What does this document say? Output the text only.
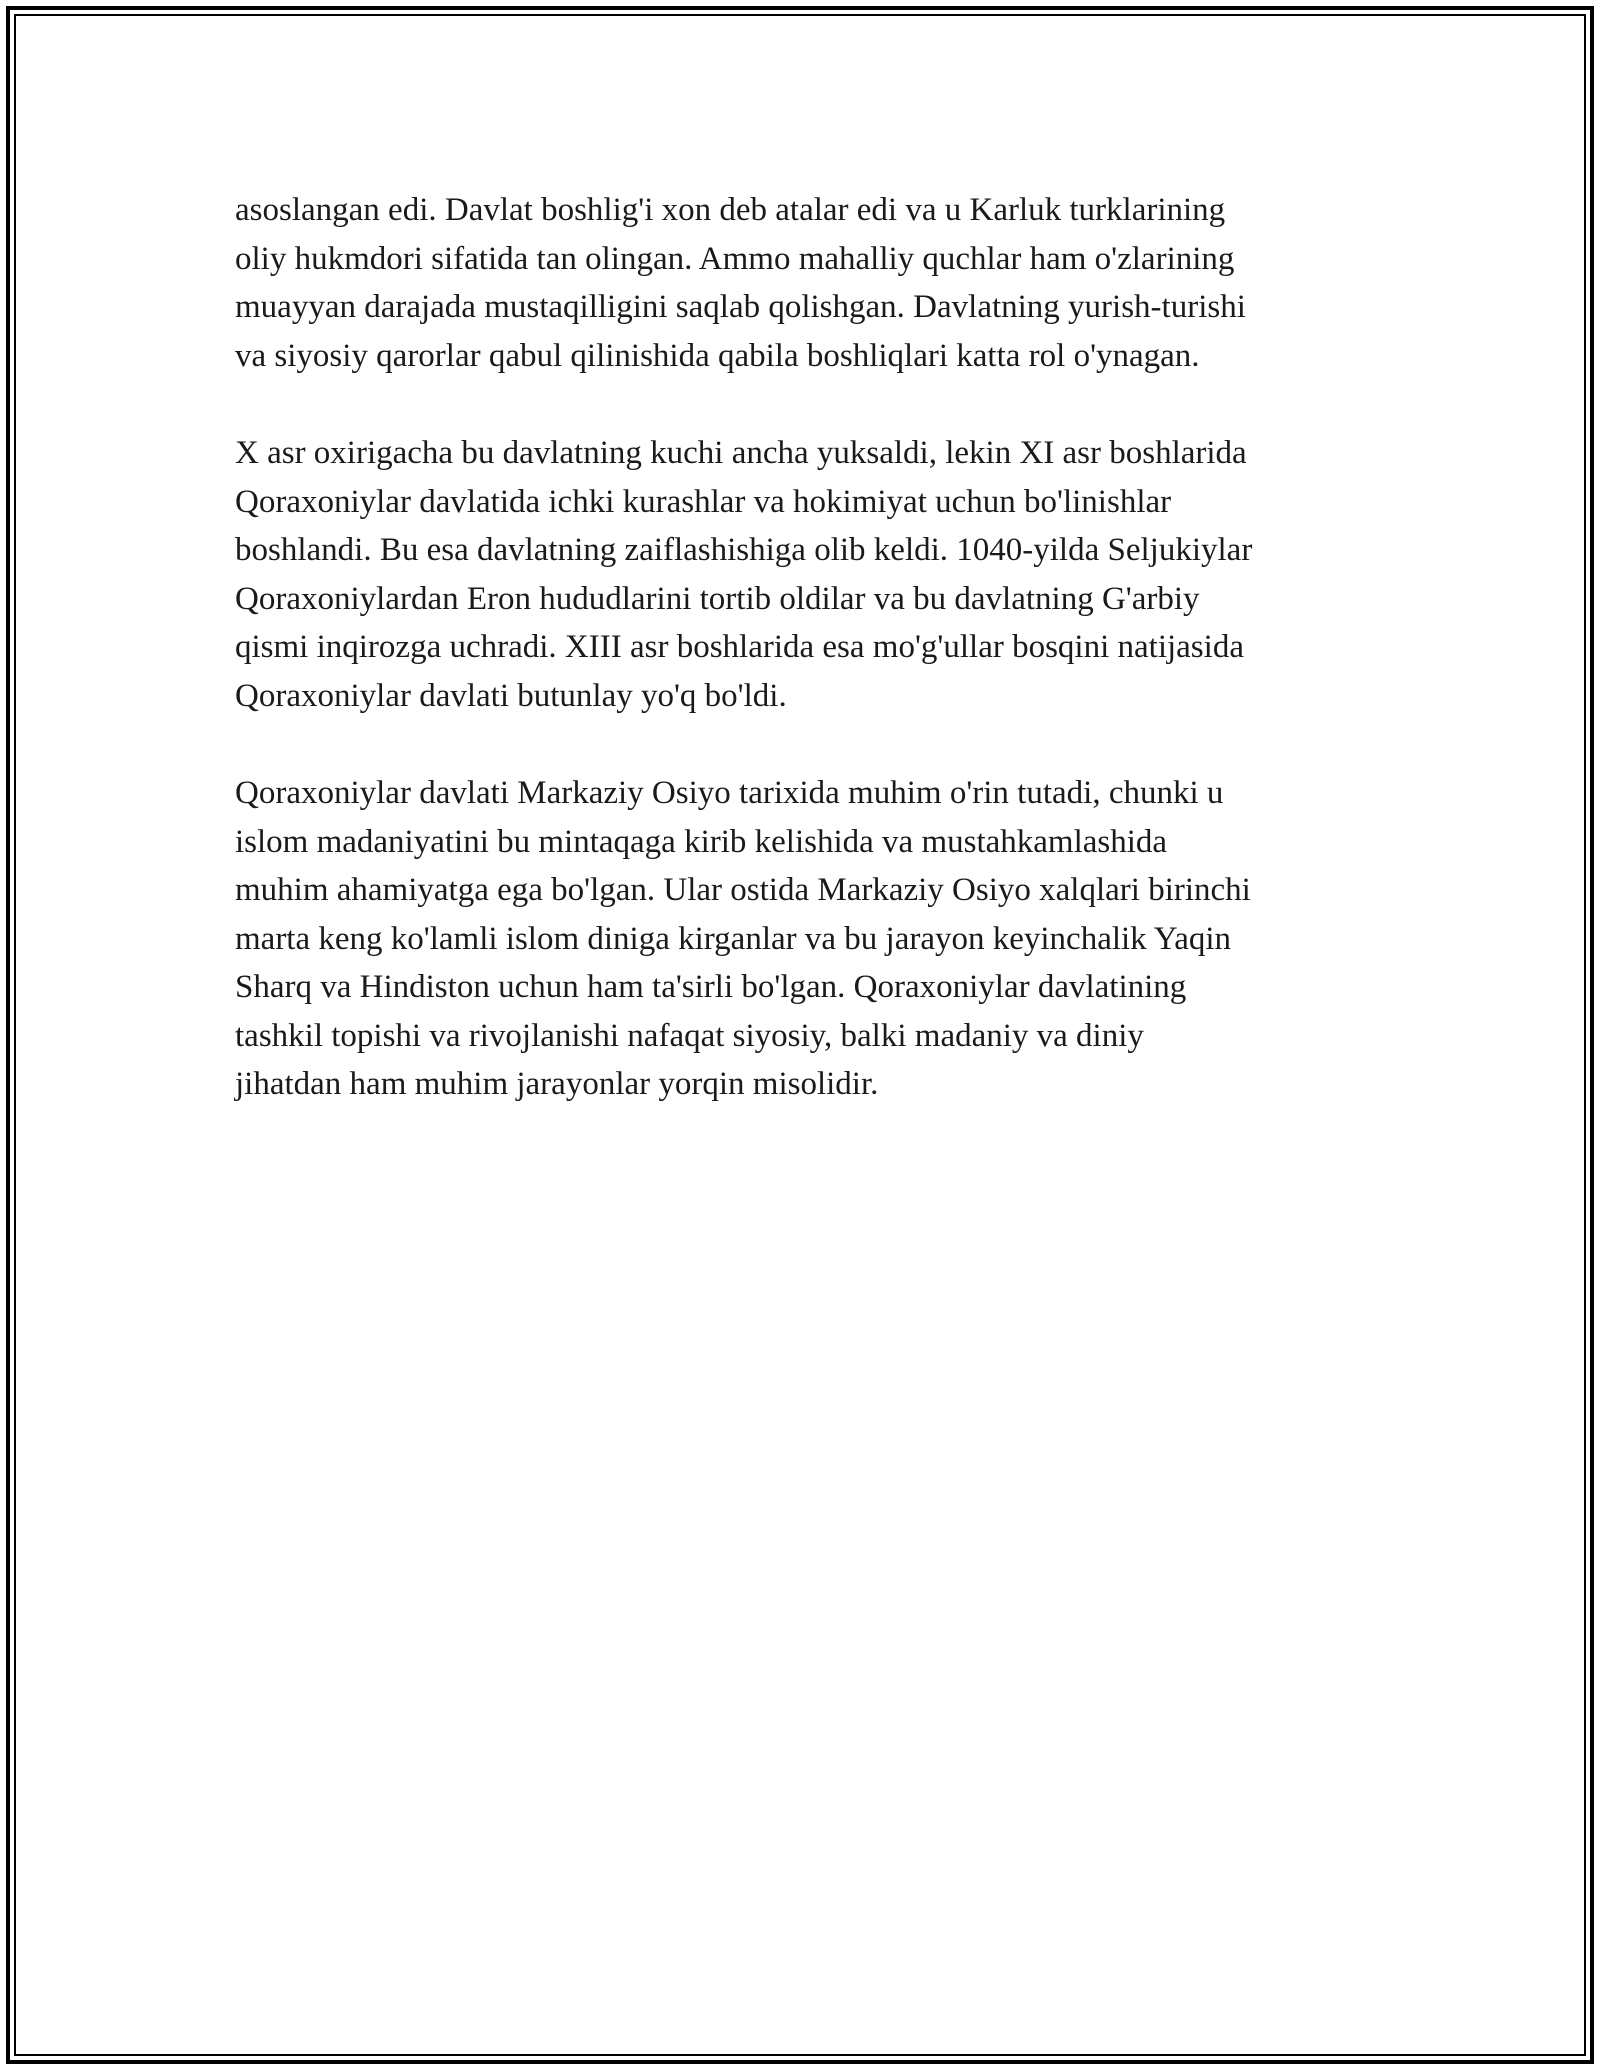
asoslangan edi. Davlat boshlig'i xon deb atalar edi va u Karluk turklarining
oliy hukmdori sifatida tan olingan. Ammo mahalliy quchlar ham o'zlarining
muayyan darajada mustaqilligini saqlab qolishgan. Davlatning yurish-turishi
va siyosiy qarorlar qabul qilinishida qabila boshliqlari katta rol o'ynagan.

X asr oxirigacha bu davlatning kuchi ancha yuksaldi, lekin XI asr boshlarida
Qoraxoniylar davlatida ichki kurashlar va hokimiyat uchun bo'linishlar
boshlandi. Bu esa davlatning zaiflashishiga olib keldi. 1040-yilda Seljukiylar
Qoraxoniylardan Eron hududlarini tortib oldilar va bu davlatning G'arbiy
qismi inqirozga uchradi. XIII asr boshlarida esa mo'g'ullar bosqini natijasida
Qoraxoniylar davlati butunlay yo'q bo'ldi.

Qoraxoniylar davlati Markaziy Osiyo tarixida muhim o'rin tutadi, chunki u
islom madaniyatini bu mintaqaga kirib kelishida va mustahkamlashida
muhim ahamiyatga ega bo'lgan. Ular ostida Markaziy Osiyo xalqlari birinchi
marta keng ko'lamli islom diniga kirganlar va bu jarayon keyinchalik Yaqin
Sharq va Hindiston uchun ham ta'sirli bo'lgan. Qoraxoniylar davlatining
tashkil topishi va rivojlanishi nafaqat siyosiy, balki madaniy va diniy
jihatdan ham muhim jarayonlar yorqin misolidir.
